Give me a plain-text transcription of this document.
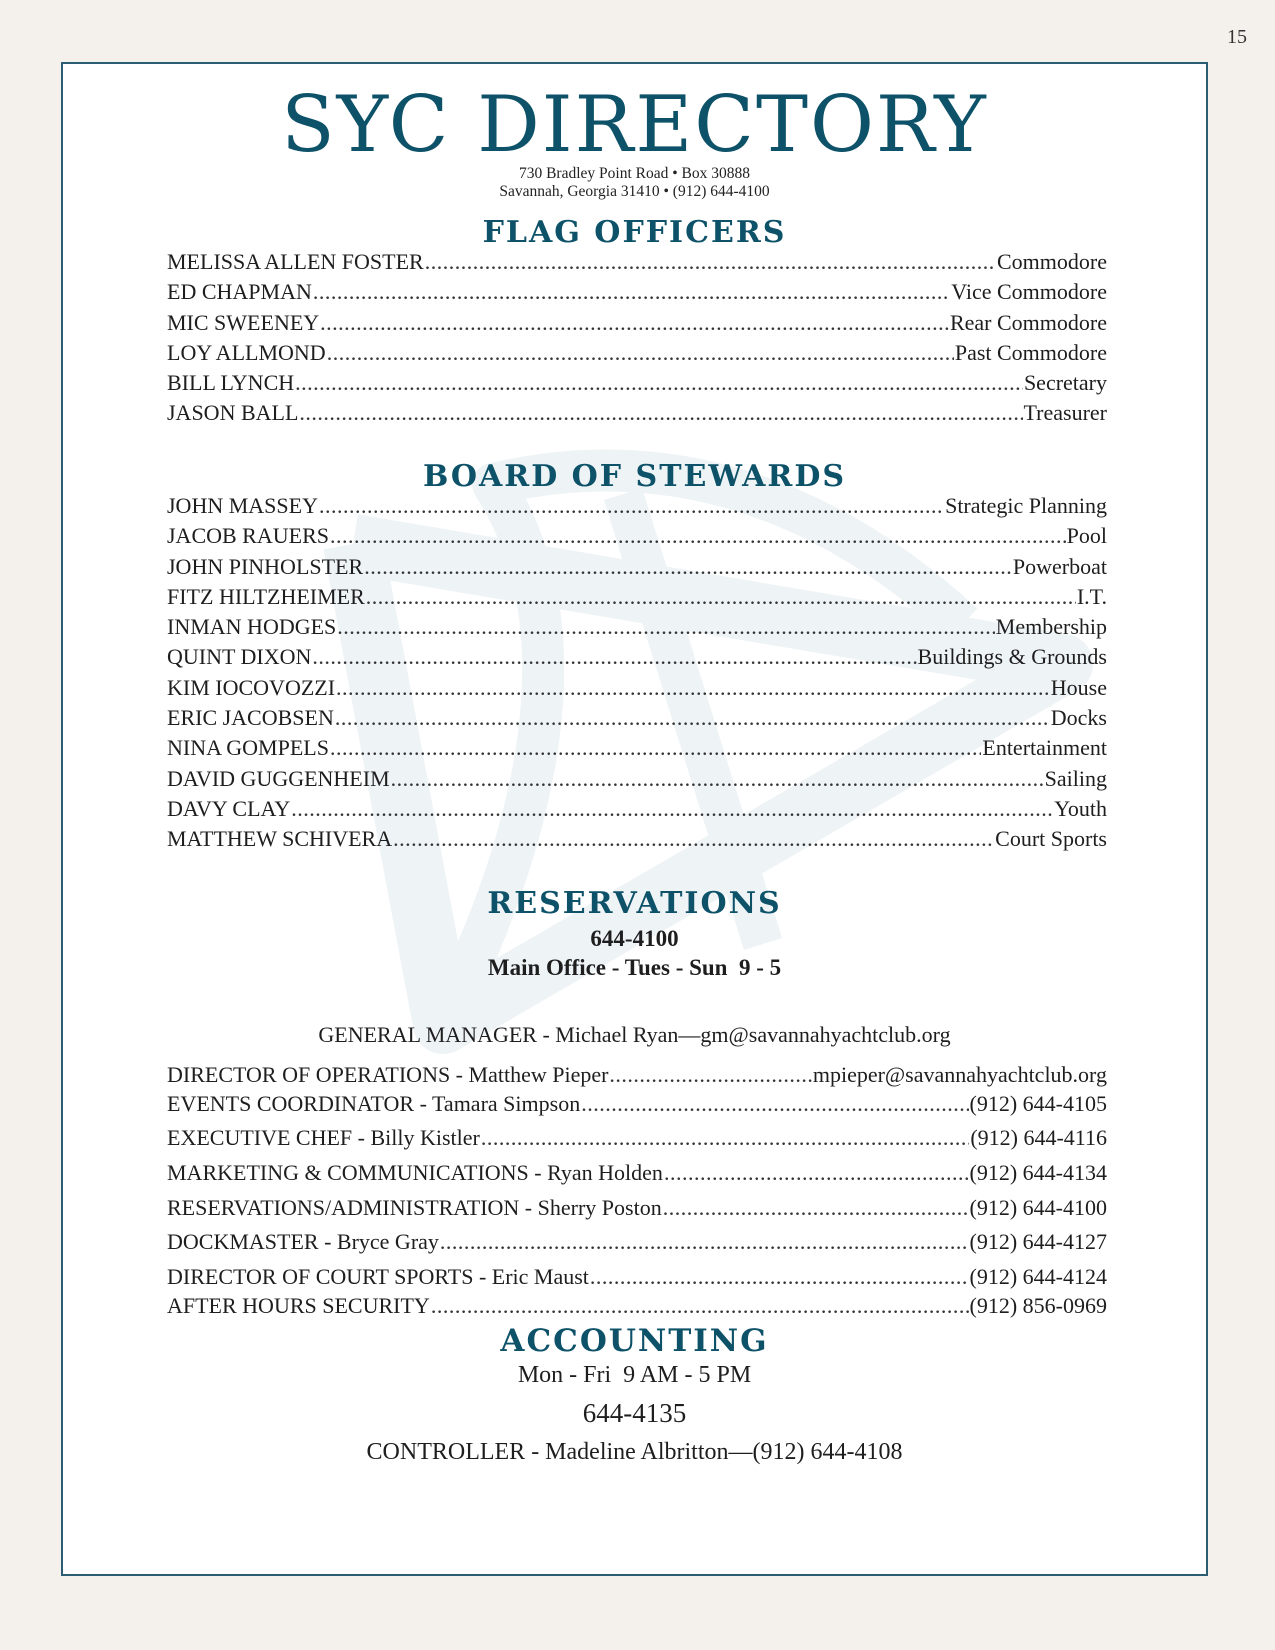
15
SYC DIRECTORY
730 Bradley Point Road • Box 30888
Savannah, Georgia 31410 • (912) 644-4100
FLAG OFFICERS
MELISSA ALLEN FOSTER .....	Commodore
ED CHAPMAN .....	Vice Commodore
MIC SWEENEY .....	Rear Commodore
LOY ALLMOND .....	Past Commodore
BILL LYNCH .....	Secretary
JASON BALL .....	Treasurer
BOARD OF STEWARDS
JOHN MASSEY .....	Strategic Planning
JACOB RAUERS .....	Pool
JOHN PINHOLSTER .....	Powerboat
FITZ HILTZHEIMER .....	I.T.
INMAN HODGES .....	Membership
QUINT DIXON .....	Buildings & Grounds
KIM IOCOVOZZI .....	House
ERIC JACOBSEN .....	Docks
NINA GOMPELS .....	Entertainment
DAVID GUGGENHEIM .....	Sailing
DAVY CLAY .....	Youth
MATTHEW SCHIVERA .....	Court Sports
RESERVATIONS
644-4100
Main Office - Tues - Sun  9 - 5
GENERAL MANAGER - Michael Ryan—gm@savannahyachtclub.org
DIRECTOR OF OPERATIONS - Matthew Pieper .....	mpieper@savannahyachtclub.org
EVENTS COORDINATOR - Tamara Simpson .....	(912) 644-4105
EXECUTIVE CHEF - Billy Kistler .....	(912) 644-4116
MARKETING & COMMUNICATIONS - Ryan Holden .....	(912) 644-4134
RESERVATIONS/ADMINISTRATION - Sherry Poston .....	(912) 644-4100
DOCKMASTER - Bryce Gray .....	(912) 644-4127
DIRECTOR OF COURT SPORTS - Eric Maust .....	(912) 644-4124
AFTER HOURS SECURITY .....	(912) 856-0969
ACCOUNTING
Mon - Fri  9 AM - 5 PM
644-4135
CONTROLLER - Madeline Albritton—(912) 644-4108
